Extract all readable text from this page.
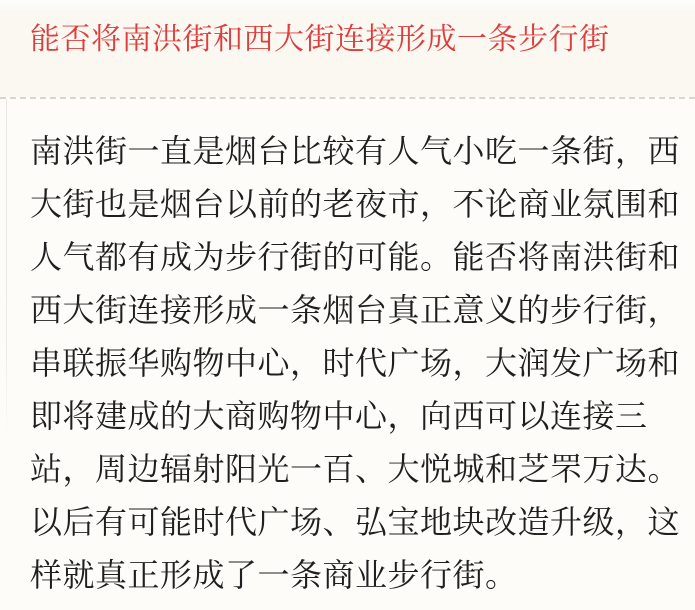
能否将南洪街和西大街连接形成一条步行街

南洪街一直是烟台比较有人气小吃一条街，西

大街也是烟台以前的老夜市，不论商业氛围和

人气都有成为步行街的可能。能否将南洪街和

西大街连接形成一条烟台真正意义的步行街，

串联振华购物中心，时代广场，大润发广场和

即将建成的大商购物中心，向西可以连接三

站，周边辐射阳光一百、大悦城和芝罘万达。

以后有可能时代广场、弘宝地块改造升级，这

样就真正形成了一条商业步行街。
